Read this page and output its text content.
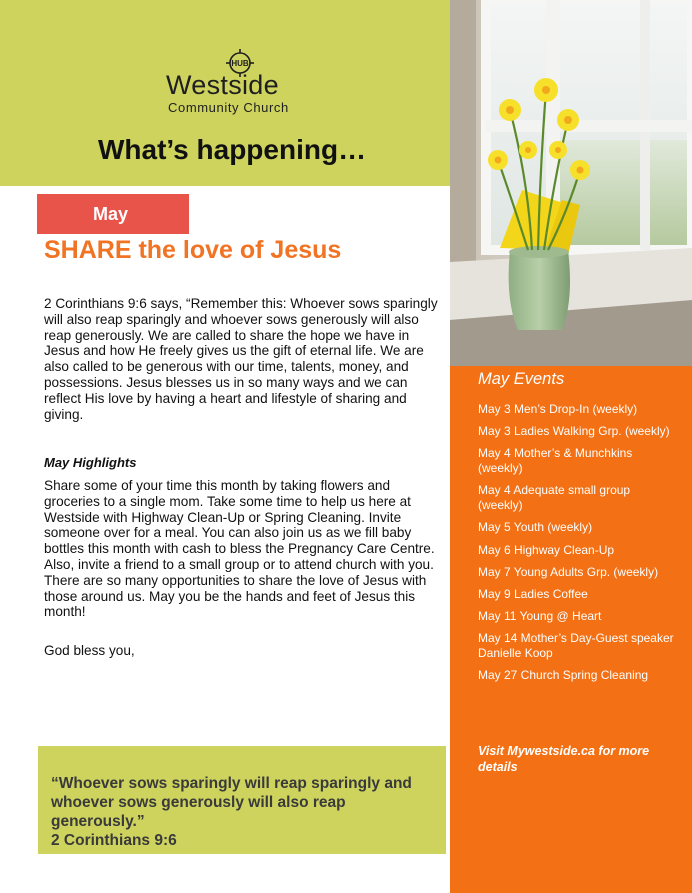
HUB
Westside
Community Church
What’s happening…
May
SHARE the love of Jesus

2 Corinthians 9:6 says, “Remember this: Whoever sows sparingly will also reap sparingly and whoever sows generously will also reap generously. We are called to share the hope we have in Jesus and how He freely gives us the gift of eternal life. We are also called to be generous with our time, talents, money, and possessions. Jesus blesses us in so many ways and we can reflect His love by having a heart and lifestyle of sharing and giving.

May Highlights
Share some of your time this month by taking flowers and groceries to a single mom. Take some time to help us here at Westside with Highway Clean-Up or Spring Cleaning. Invite someone over for a meal. You can also join us as we fill baby bottles this month with cash to bless the Pregnancy Care Centre. Also, invite a friend to a small group or to attend church with you. There are so many opportunities to share the love of Jesus with those around us. May you be the hands and feet of Jesus this month!
God bless you,
“Whoever sows sparingly will reap sparingly and whoever sows generously will also reap generously.”
2 Corinthians 9:6
May Events
May 3 Men’s Drop-In (weekly)
May 3 Ladies Walking Grp. (weekly)
May 4 Mother’s & Munchkins (weekly)
May 4 Adequate small group (weekly)
May 5 Youth (weekly)
May 6 Highway Clean-Up
May 7 Young Adults Grp. (weekly)
May 9 Ladies Coffee
May 11 Young @ Heart
May 14 Mother’s Day-Guest speaker Danielle Koop
May 27 Church Spring Cleaning
Visit Mywestside.ca for more details
